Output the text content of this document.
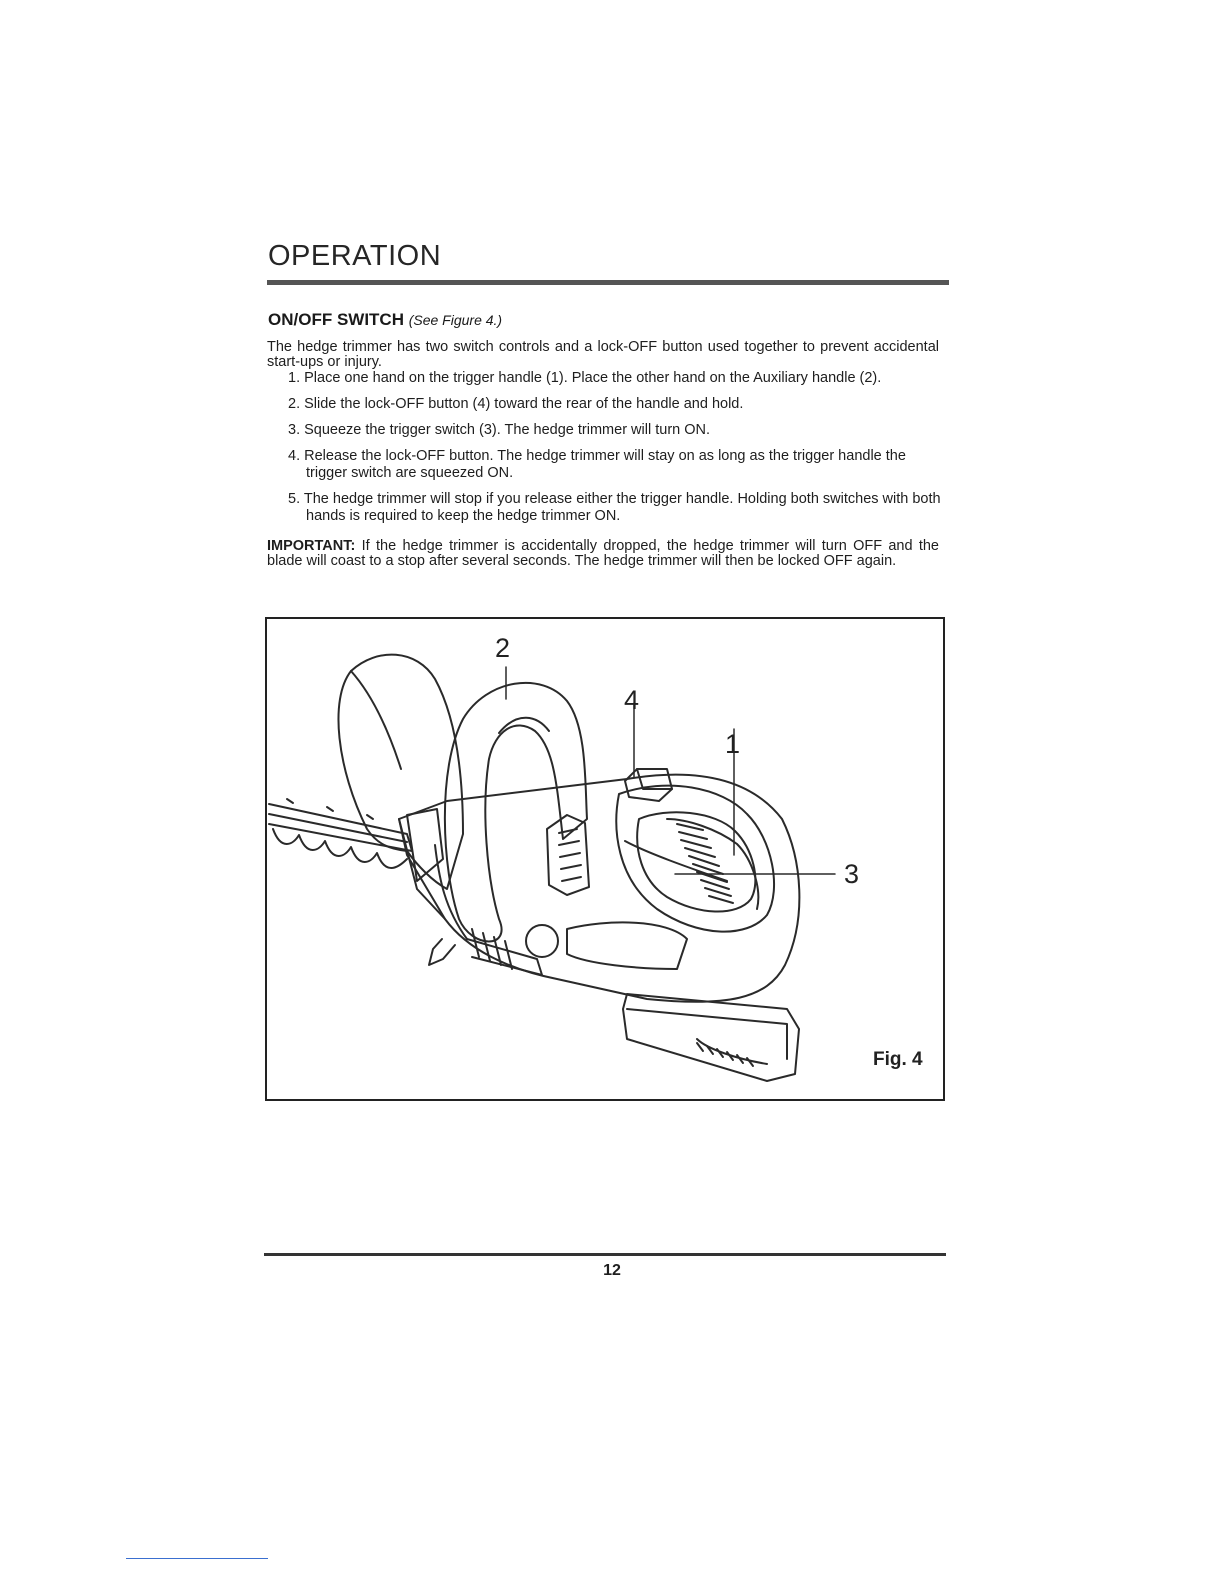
OPERATION
ON/OFF SWITCH (See Figure 4.)

The hedge trimmer has two switch controls and a lock-OFF button used together to prevent accidental start-ups or injury.

1. Place one hand on the trigger handle (1). Place the other hand on the Auxiliary handle (2).
2. Slide the lock-OFF button (4) toward the rear of the handle and hold.
3. Squeeze the trigger switch (3). The hedge trimmer will turn ON.
4. Release the lock-OFF button. The hedge trimmer will stay on as long as the trigger handle the trigger switch are squeezed ON.
5. The hedge trimmer will stop if you release either the trigger handle. Holding both switches with both hands is required to keep the hedge trimmer ON.

IMPORTANT: If the hedge trimmer is accidentally dropped, the hedge trimmer will turn OFF and the blade will coast to a stop after several seconds. The hedge trimmer will then be locked OFF again.

2
4
1
3
Fig. 4
12
